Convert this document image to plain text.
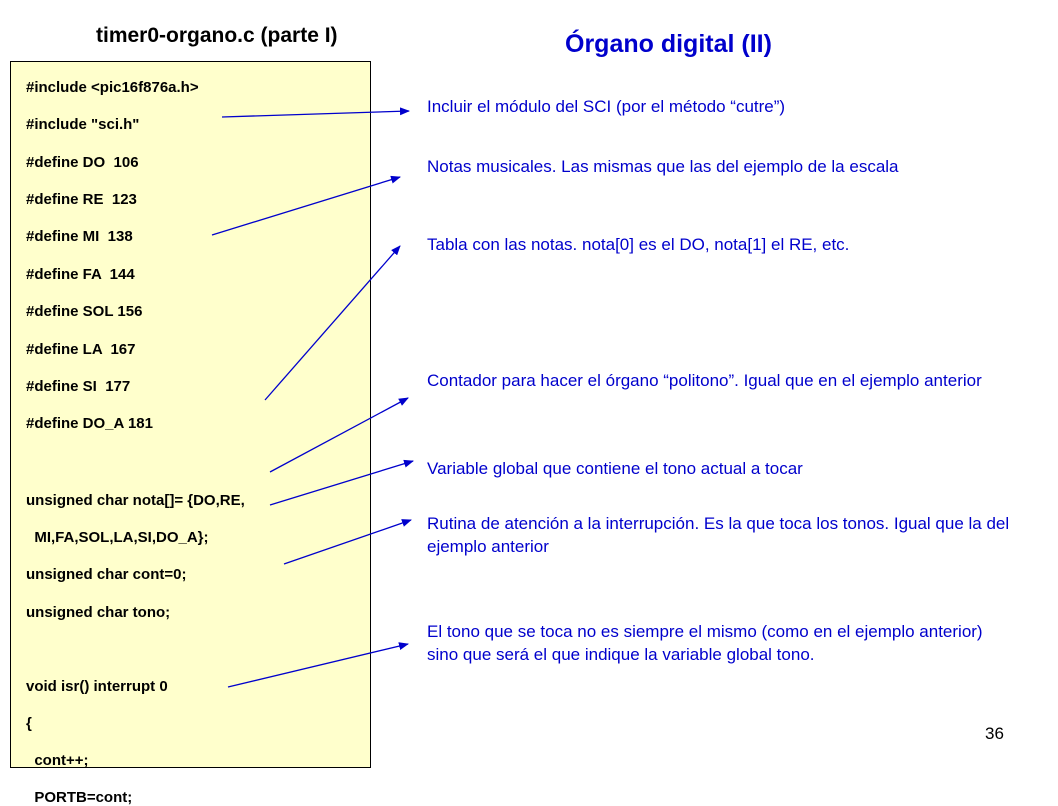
timer0-organo.c (parte I)	Órgano digital (II)
#include <pic16f876a.h>
#include "sci.h"
#define DO  106
#define RE  123
#define MI  138
#define FA  144
#define SOL 156
#define LA  167
#define SI  177
#define DO_A 181
unsigned char nota[]= {DO,RE,
MI,FA,SOL,LA,SI,DO_A};
unsigned char cont=0;
unsigned char tono;
void isr() interrupt 0
{
cont++;
PORTB=cont;
Incluir el módulo del SCI (por el método “cutre”)
Notas musicales. Las mismas que las del ejemplo de la escala
Tabla con las notas. nota[0] es el DO, nota[1] el RE, etc.
Contador para hacer el órgano “politono”. Igual que en el ejemplo anterior
Variable global que contiene el tono actual a tocar
Rutina de atención a la interrupción. Es la que toca los tonos. Igual que la del ejemplo anterior
El tono que se toca no es siempre el mismo (como en el ejemplo anterior) sino que será el que indique la variable global tono.
36
